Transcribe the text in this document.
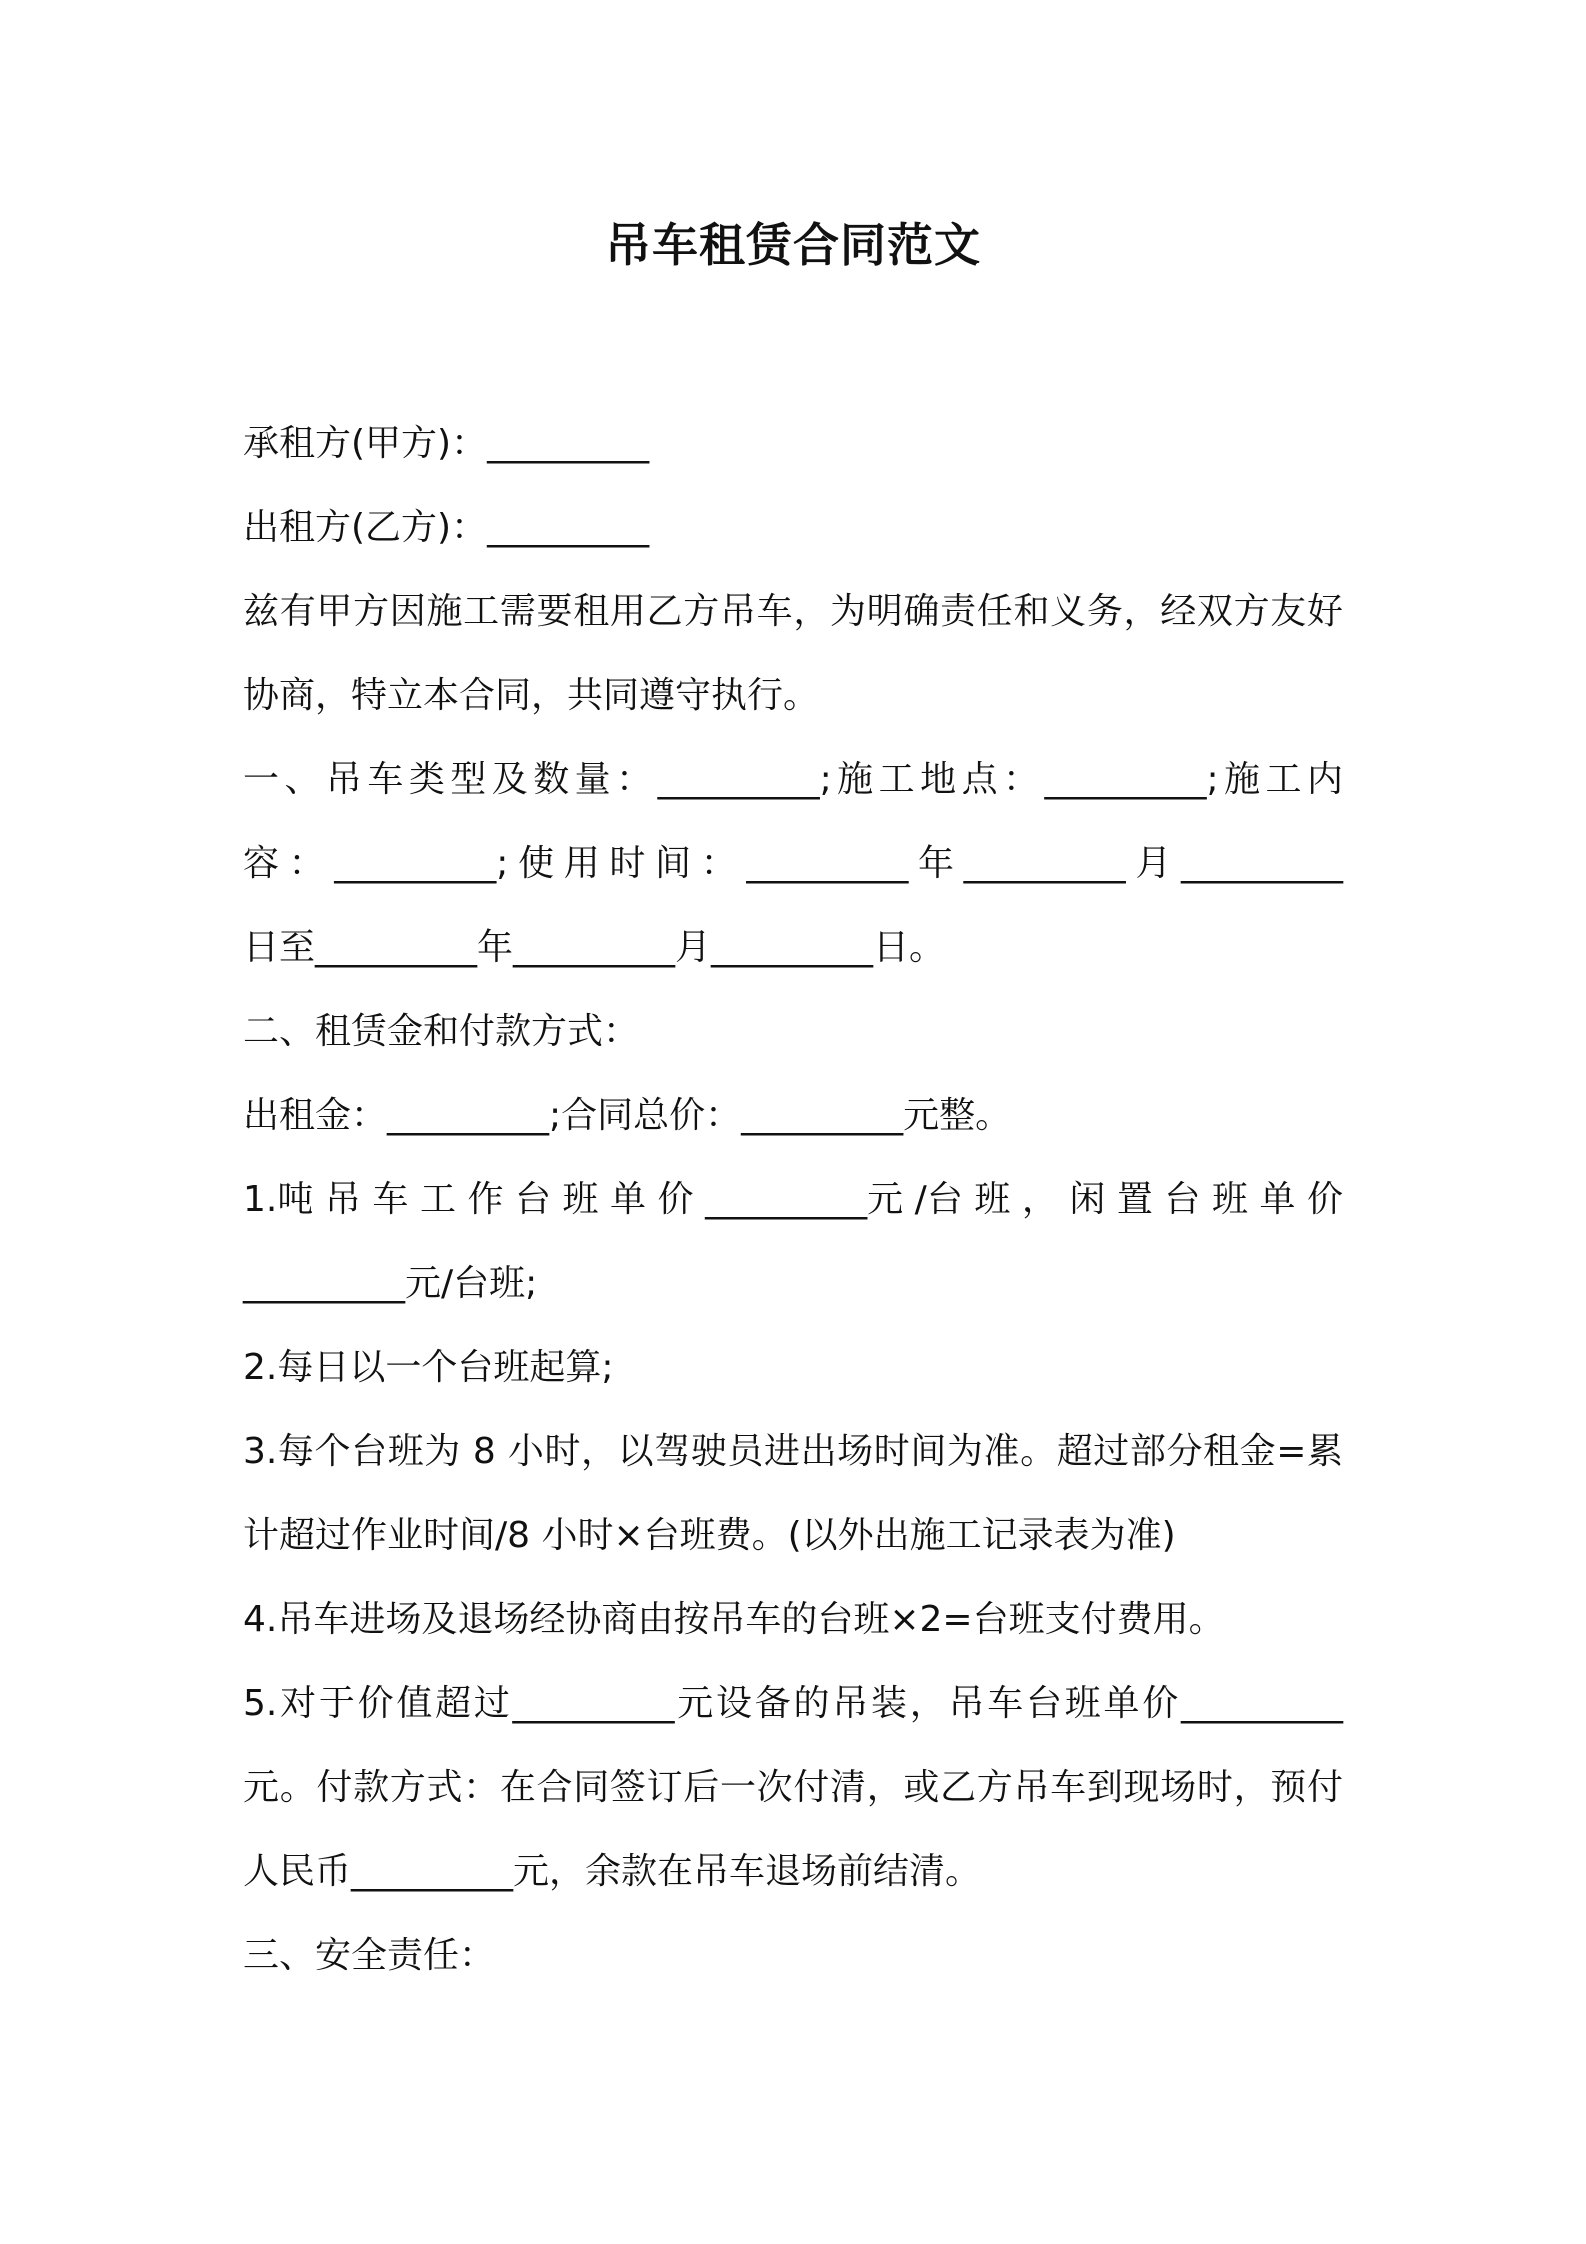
吊车租赁合同范文
承租方(甲方)：_________
出租方(乙方)：_________
兹有甲方因施工需要租用乙方吊车，为明确责任和义务，经双方友好
协商，特立本合同，共同遵守执行。
一、吊车类型及数量：_________;施工地点：_________;施工内
容：_________;使用时间：_________年_________月_________
日至_________年_________月_________日。
二、租赁金和付款方式：
出租金：_________;合同总价：_________元整。
1.吨 吊 车 工 作 台 班 单 价 _________元 /台 班 ， 闲 置 台 班 单 价
_________元/台班;
2.每日以一个台班起算;
3.每个台班为 8 小时，以驾驶员进出场时间为准。超过部分租金=累
计超过作业时间/8 小时×台班费。(以外出施工记录表为准)
4.吊车进场及退场经协商由按吊车的台班×2=台班支付费用。
5.对于价值超过_________元设备的吊装，吊车台班单价_________
元。付款方式：在合同签订后一次付清，或乙方吊车到现场时，预付
人民币_________元，余款在吊车退场前结清。
三、安全责任：
